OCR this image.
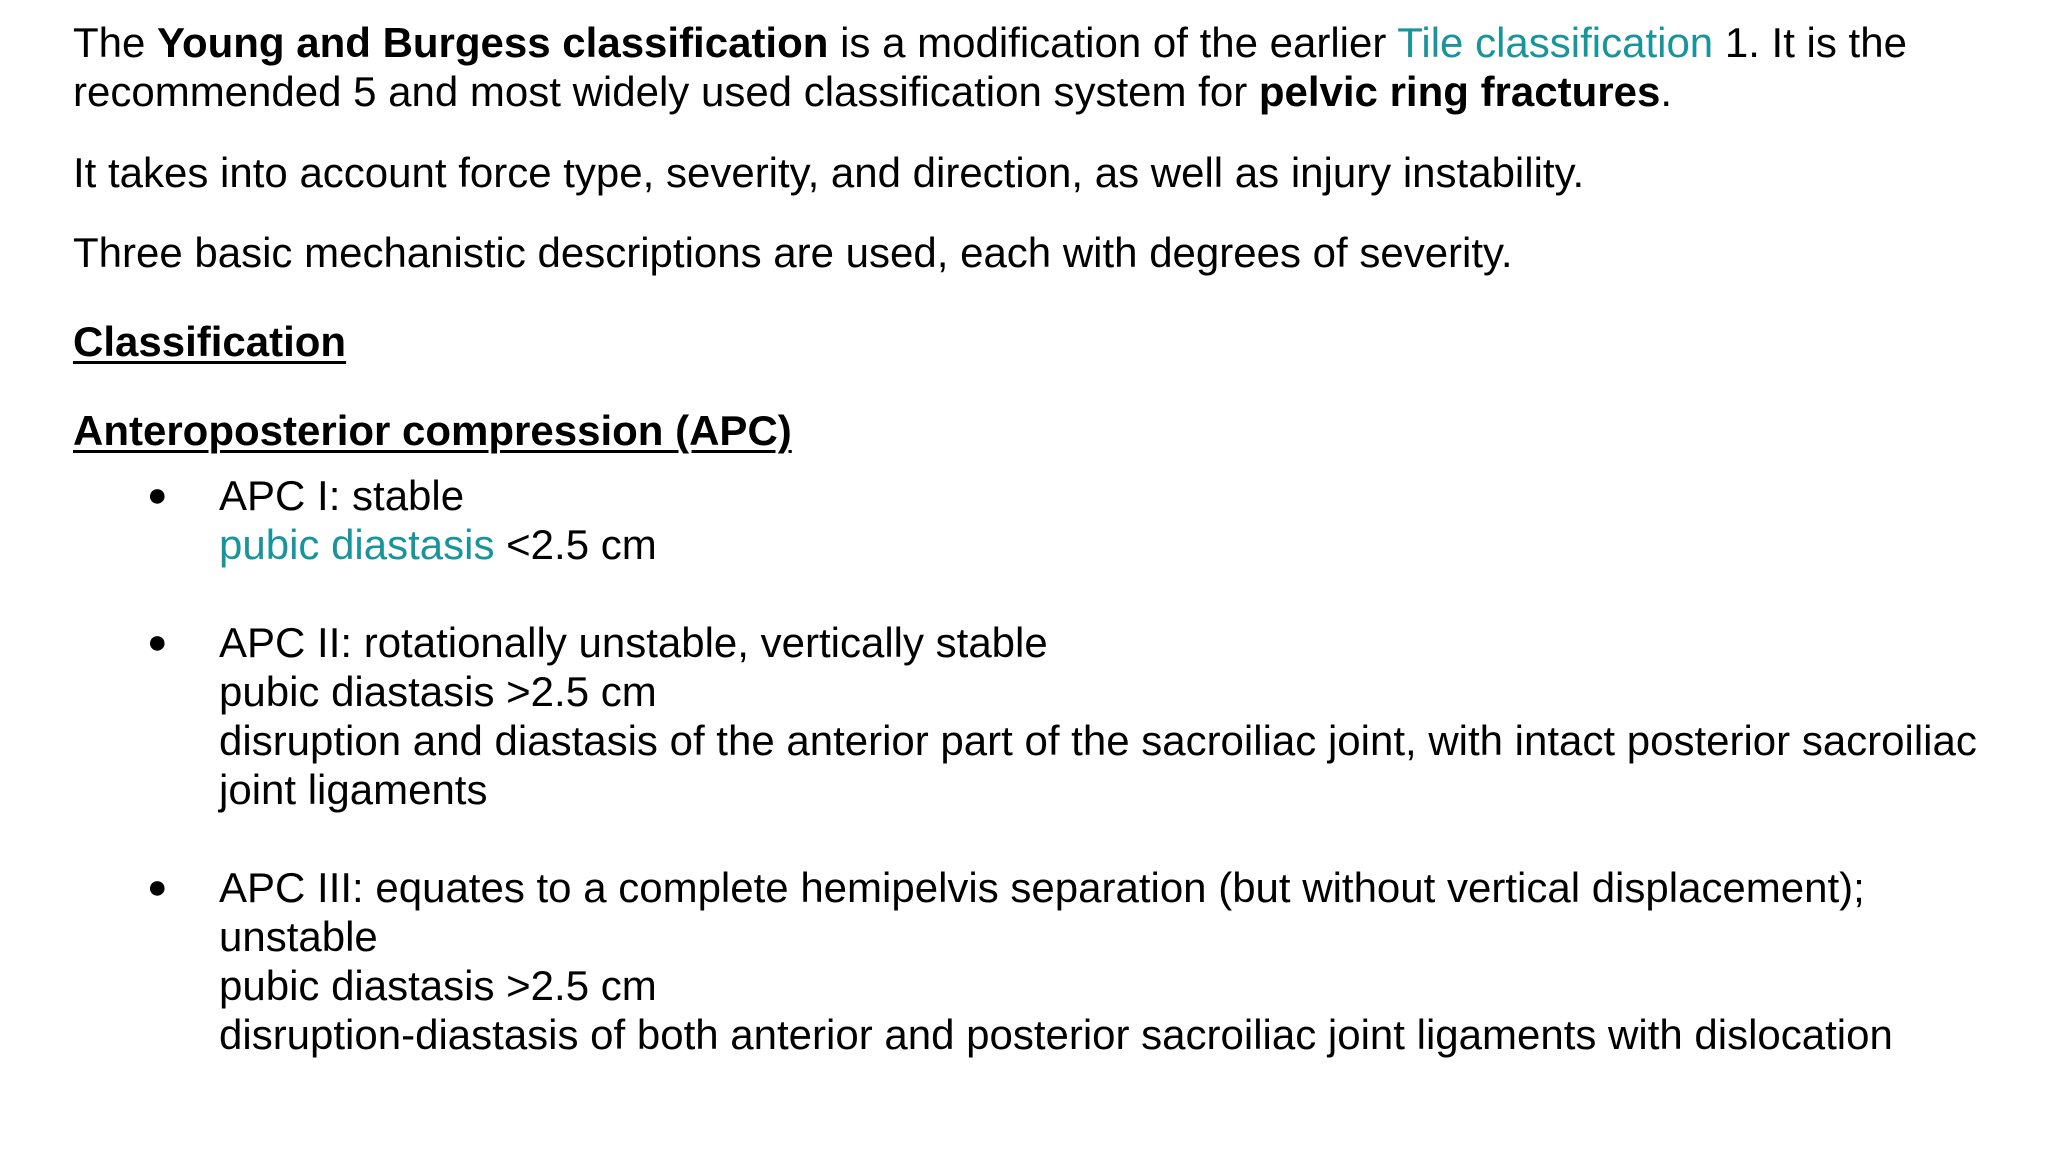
The Young and Burgess classification is a modification of the earlier Tile classification 1. It is the recommended 5 and most widely used classification system for pelvic ring fractures.

It takes into account force type, severity, and direction, as well as injury instability.

Three basic mechanistic descriptions are used, each with degrees of severity.

Classification

Anteroposterior compression (APC)

● APC I: stable
pubic diastasis <2.5 cm
● APC II: rotationally unstable, vertically stable
pubic diastasis >2.5 cm
disruption and diastasis of the anterior part of the sacroiliac joint, with intact posterior sacroiliac joint ligaments
● APC III: equates to a complete hemipelvis separation (but without vertical displacement); unstable
pubic diastasis >2.5 cm
disruption-diastasis of both anterior and posterior sacroiliac joint ligaments with dislocation
